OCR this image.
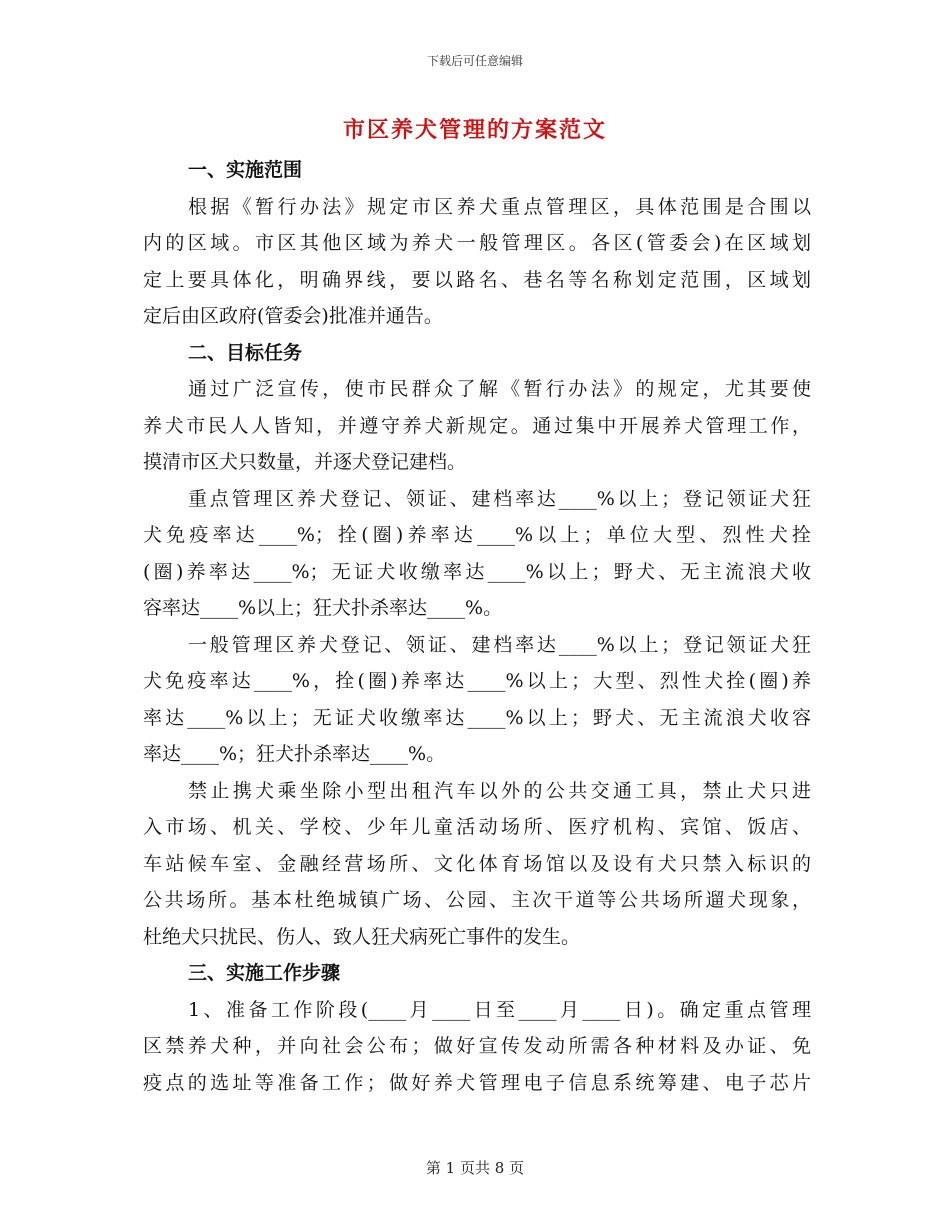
下载后可任意编辑
市区养犬管理的方案范文
一、实施范围
根据《暂行办法》规定市区养犬重点管理区，具体范围是合围以
内的区域。市区其他区域为养犬一般管理区。各区(管委会)在区域划
定上要具体化，明确界线，要以路名、巷名等名称划定范围，区域划
定后由区政府(管委会)批准并通告。
二、目标任务
通过广泛宣传，使市民群众了解《暂行办法》的规定，尤其要使
养犬市民人人皆知，并遵守养犬新规定。通过集中开展养犬管理工作，
摸清市区犬只数量，并逐犬登记建档。
重点管理区养犬登记、领证、建档率达____%以上；登记领证犬狂
犬免疫率达____%；拴(圈)养率达____%以上；单位大型、烈性犬拴
(圈)养率达____%；无证犬收缴率达____%以上；野犬、无主流浪犬收
容率达____%以上；狂犬扑杀率达____%。
一般管理区养犬登记、领证、建档率达____%以上；登记领证犬狂
犬免疫率达____%，拴(圈)养率达____%以上；大型、烈性犬拴(圈)养
率达____%以上；无证犬收缴率达____%以上；野犬、无主流浪犬收容
率达____%；狂犬扑杀率达____%。
禁止携犬乘坐除小型出租汽车以外的公共交通工具，禁止犬只进
入市场、机关、学校、少年儿童活动场所、医疗机构、宾馆、饭店、
车站候车室、金融经营场所、文化体育场馆以及设有犬只禁入标识的
公共场所。基本杜绝城镇广场、公园、主次干道等公共场所遛犬现象，
杜绝犬只扰民、伤人、致人狂犬病死亡事件的发生。
三、实施工作步骤
1、准备工作阶段(____月____日至____月____日)。确定重点管理
区禁养犬种，并向社会公布；做好宣传发动所需各种材料及办证、免
疫点的选址等准备工作；做好养犬管理电子信息系统筹建、电子芯片
第 1 页共 8 页
